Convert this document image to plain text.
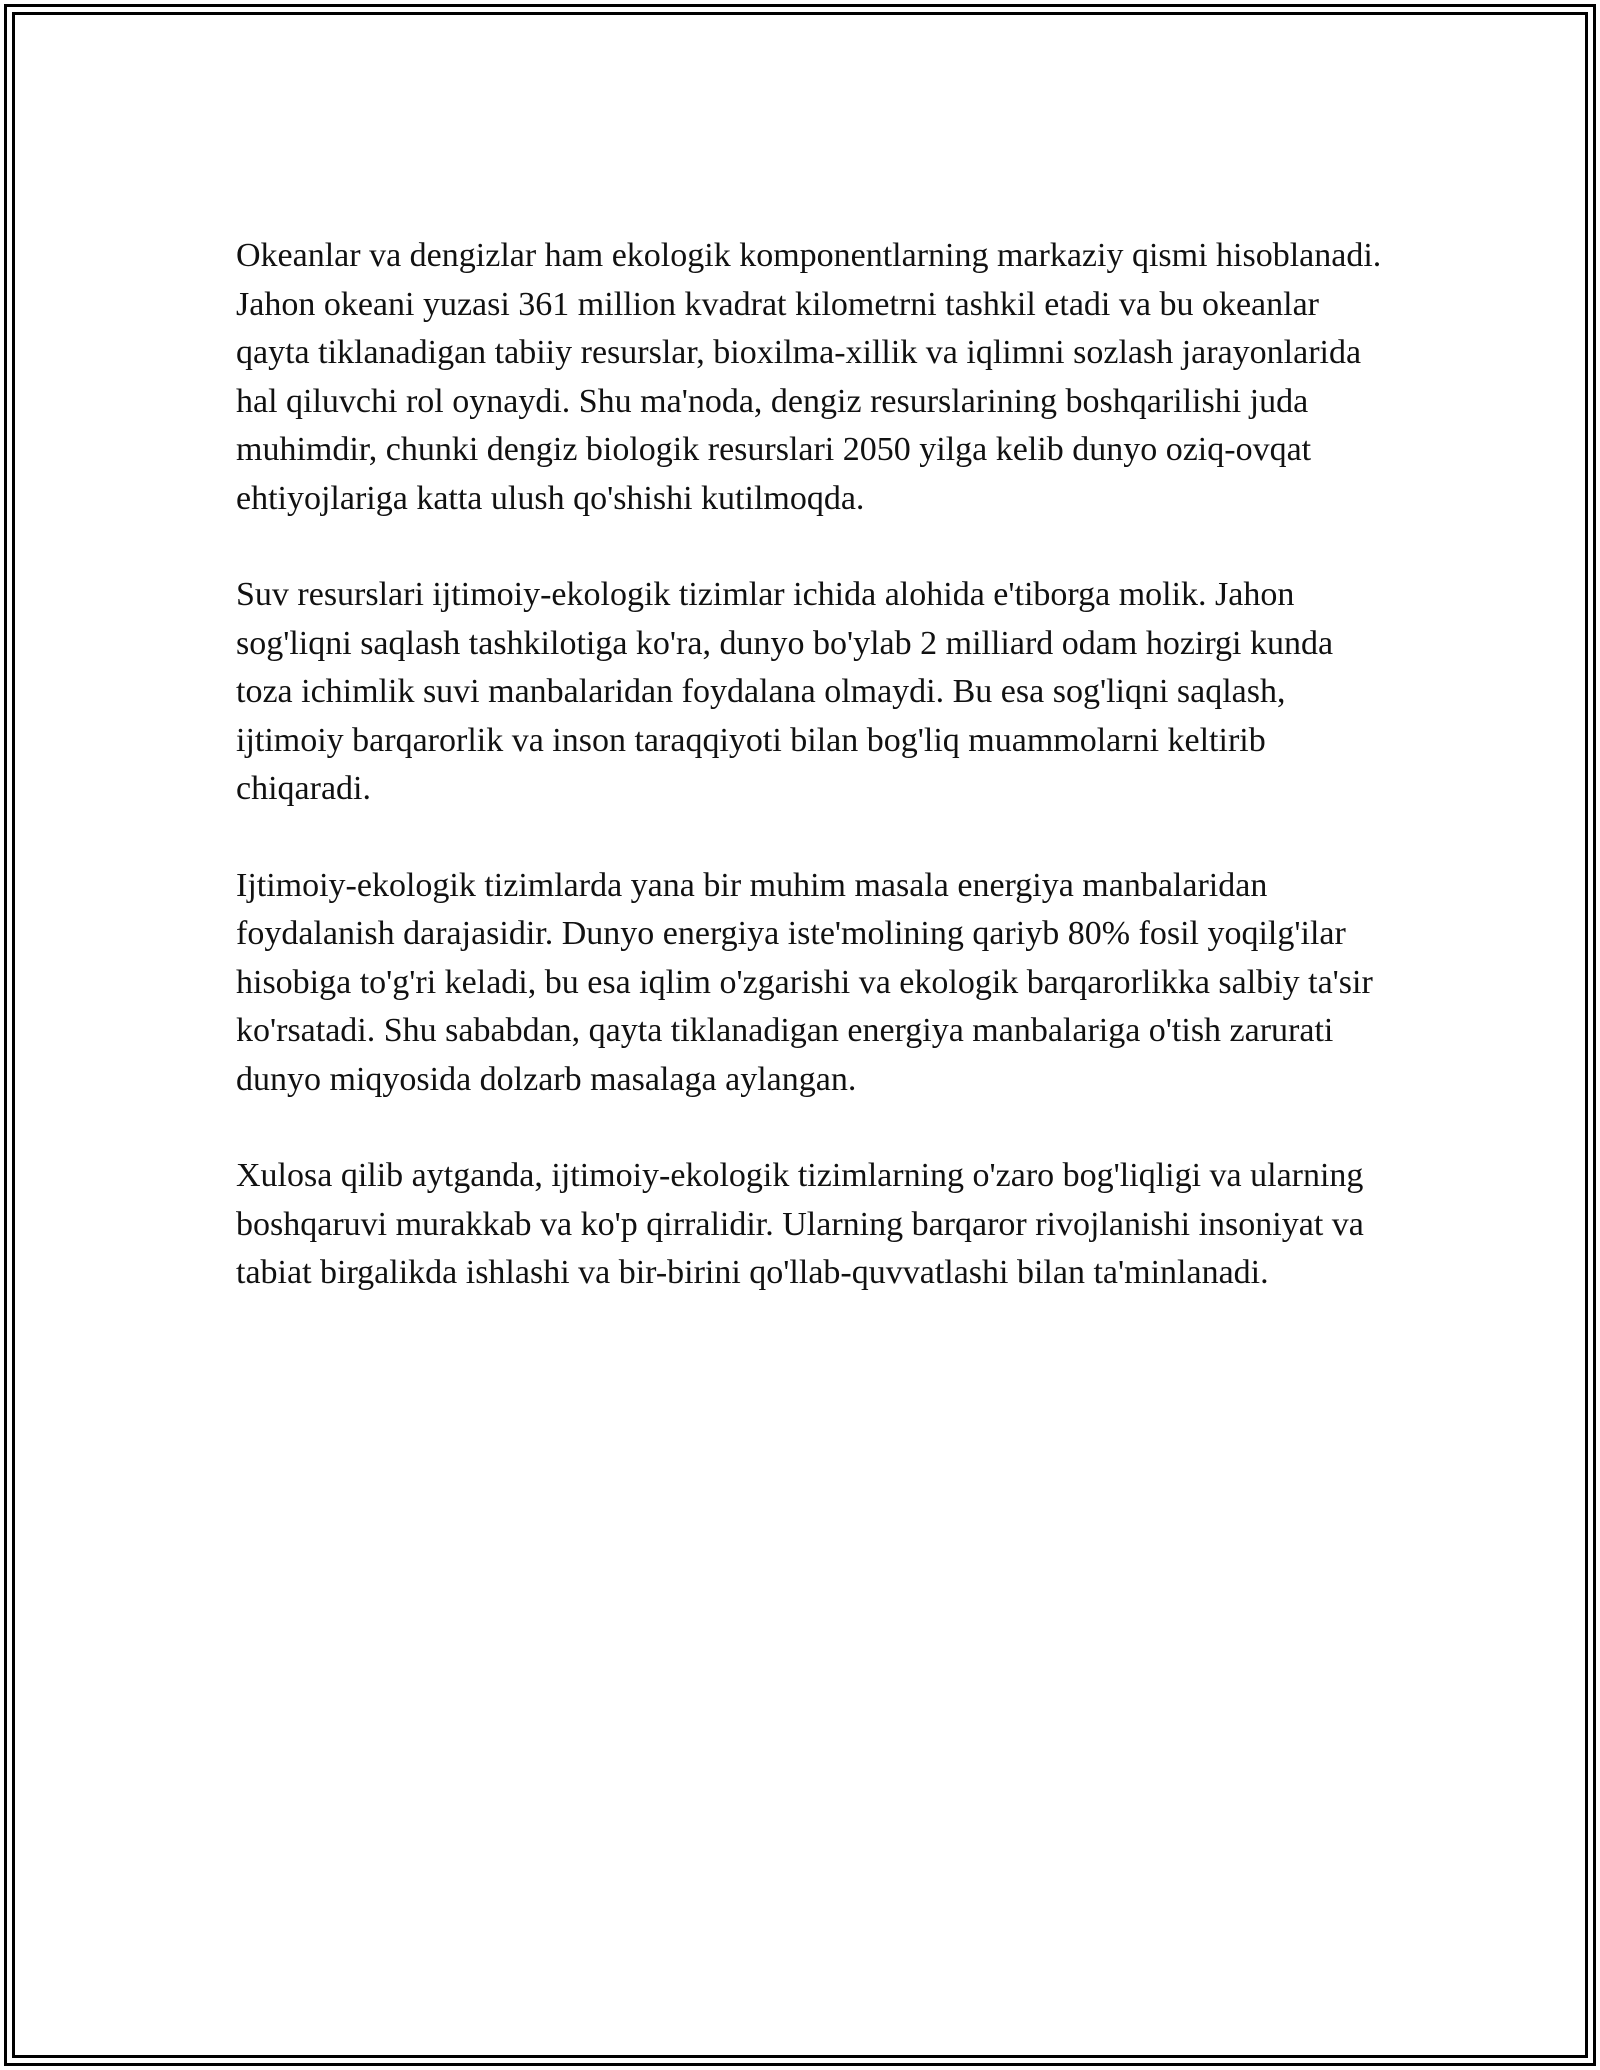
Okeanlar va dengizlar ham ekologik komponentlarning markaziy qismi hisoblanadi. Jahon okeani yuzasi 361 million kvadrat kilometrni tashkil etadi va bu okeanlar qayta tiklanadigan tabiiy resurslar, bioxilma-xillik va iqlimni sozlash jarayonlarida hal qiluvchi rol oynaydi. Shu ma'noda, dengiz resurslarining boshqarilishi juda muhimdir, chunki dengiz biologik resurslari 2050 yilga kelib dunyo oziq-ovqat ehtiyojlariga katta ulush qo'shishi kutilmoqda.

Suv resurslari ijtimoiy-ekologik tizimlar ichida alohida e'tiborga molik. Jahon sog'liqni saqlash tashkilotiga ko'ra, dunyo bo'ylab 2 milliard odam hozirgi kunda toza ichimlik suvi manbalaridan foydalana olmaydi. Bu esa sog'liqni saqlash, ijtimoiy barqarorlik va inson taraqqiyoti bilan bog'liq muammolarni keltirib chiqaradi.

Ijtimoiy-ekologik tizimlarda yana bir muhim masala energiya manbalaridan foydalanish darajasidir. Dunyo energiya iste'molining qariyb 80% fosil yoqilg'ilar hisobiga to'g'ri keladi, bu esa iqlim o'zgarishi va ekologik barqarorlikka salbiy ta'sir ko'rsatadi. Shu sababdan, qayta tiklanadigan energiya manbalariga o'tish zarurati dunyo miqyosida dolzarb masalaga aylangan.

Xulosa qilib aytganda, ijtimoiy-ekologik tizimlarning o'zaro bog'liqligi va ularning boshqaruvi murakkab va ko'p qirralidir. Ularning barqaror rivojlanishi insoniyat va tabiat birgalikda ishlashi va bir-birini qo'llab-quvvatlashi bilan ta'minlanadi.
